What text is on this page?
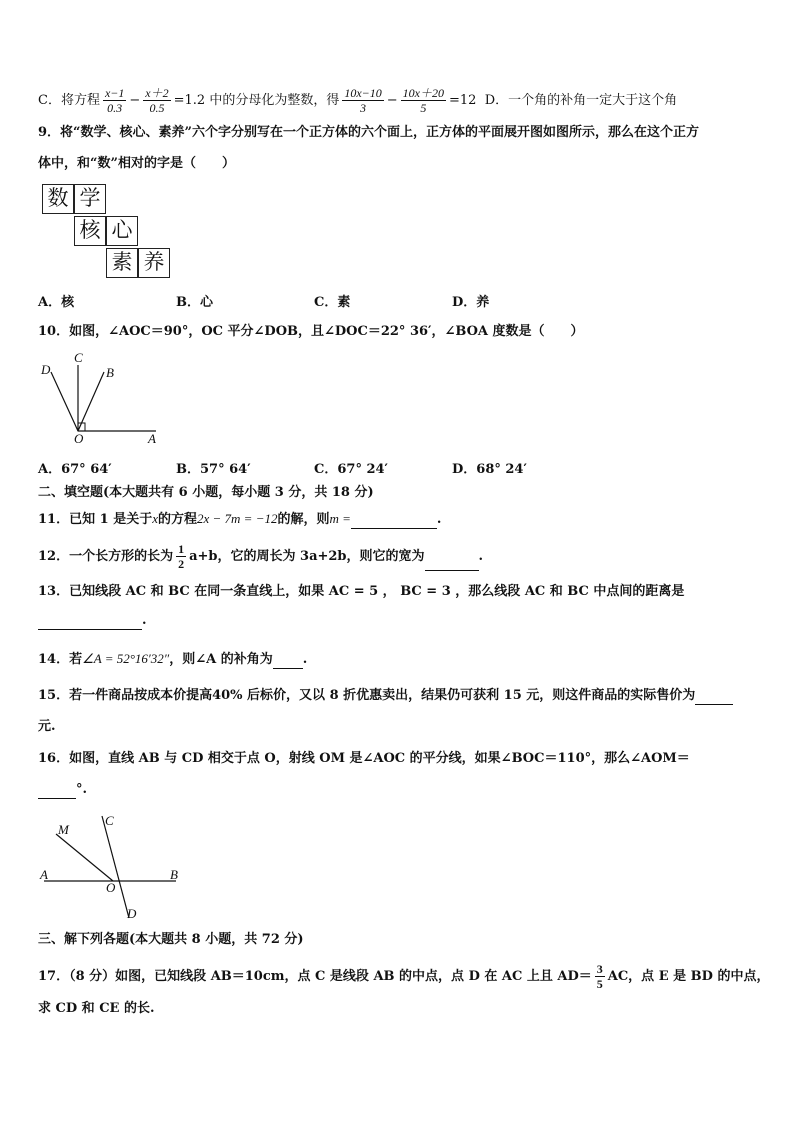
C．将方程 $\frac{x-1}{0.3} - \frac{x+2}{0.5} =1.2$ 中的分母化为整数，得 $\frac{10x-10}{3} - \frac{10x+20}{5} =12$ D．一个角的补角一定大于这个角
9．将“数学、核心、素养”六个字分别写在一个正方体的六个面上，正方体的平面展开图如图所示，那么在这个正方
体中，和“数”相对的字是（　　）
数 学
核 心
素 养
A．核	B．心	C．素	D．养
10．如图，∠AOC＝90°，OC 平分∠DOB，且∠DOC＝22° 36′，∠BOA 度数是（　　）
D
C
B
O	A
A．67° 64′	B．57° 64′	C．67° 24′	D．68° 24′
二、填空题(本大题共有 6 小题，每小题 3 分，共 18 分)
11．已知 1 是关于x的方程2x − 7m = −12的解，则m =	.
12．一个长方形的长为 $\frac{1}{2} a+b$，它的周长为 3a+2b，则它的宽为	.
13．已知线段 AC 和 BC 在同一条直线上，如果 AC = 5 ， BC = 3 ，那么线段 AC 和 BC 中点间的距离是
.
14．若∠A = 52°16′32″，则∠A 的补角为 .
15．若一件商品按成本价提高40% 后标价，又以 8 折优惠卖出，结果仍可获利 15 元，则这件商品的实际售价为
元.
16．如图，直线 AB 与 CD 相交于点 O，射线 OM 是∠AOC 的平分线，如果∠BOC＝110°，那么∠AOM＝
°.
M
C
A
O
B
D
三、解下列各题(本大题共 8 小题，共 72 分)
17．（8 分）如图，已知线段 AB＝10cm，点 C 是线段 AB 的中点，点 D 在 AC 上且 $AD= \frac{3}{5}$ AC，点 E 是 BD 的中点，
求 CD 和 CE 的长.
